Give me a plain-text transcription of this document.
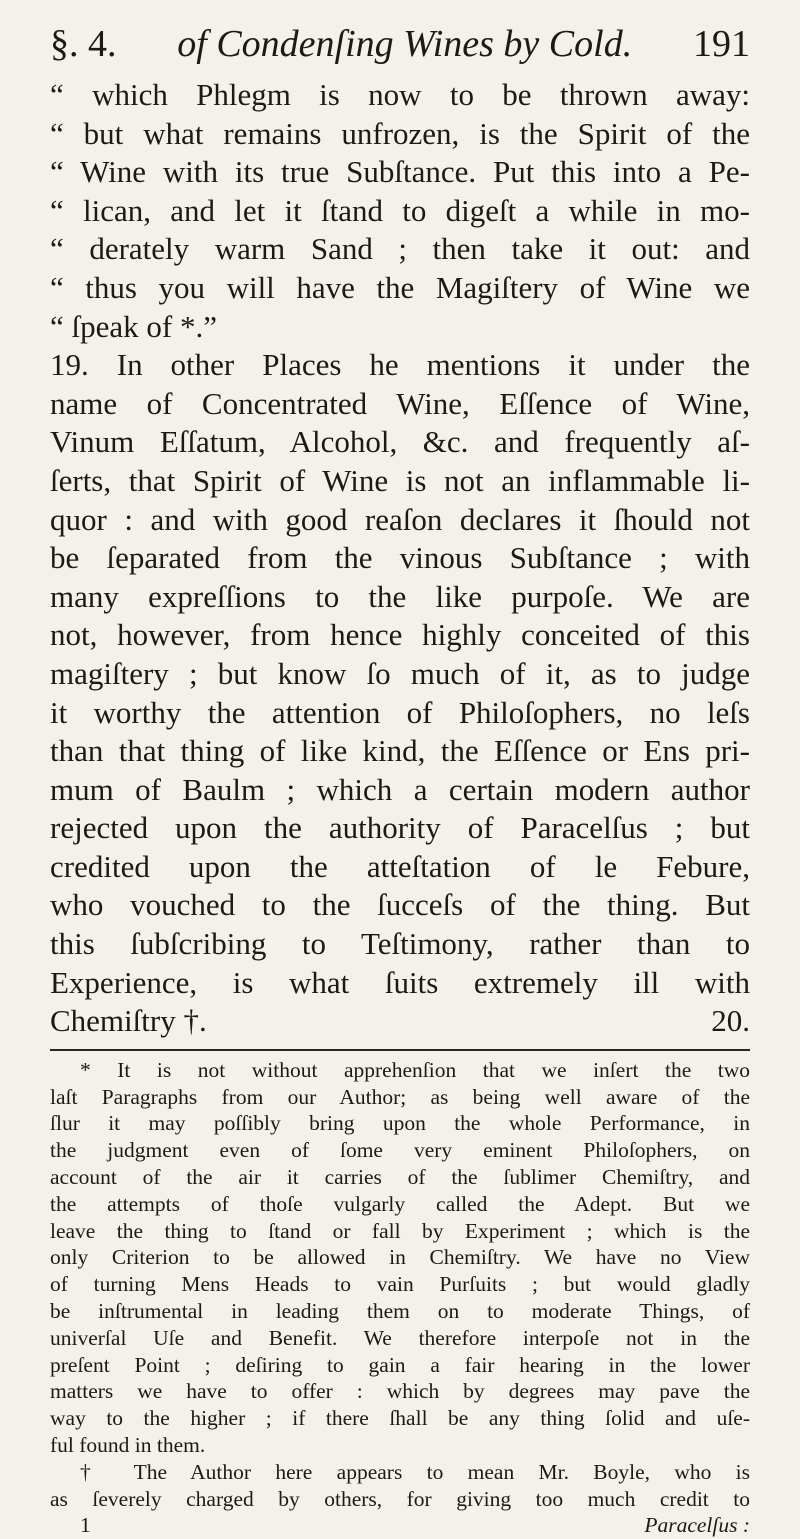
§. 4. of Condenſing Wines by Cold. 191
“ which Phlegm is now to be thrown away:
“ but what remains unfrozen, is the Spirit of the
“ Wine with its true Subſtance. Put this into a Pe-
“ lican, and let it ſtand to digeſt a while in mo-
“ derately warm Sand ; then take it out: and
“ thus you will have the Magiſtery of Wine we
“ ſpeak of *.”
19. In other Places he mentions it under the
name of Concentrated Wine, Eſſence of Wine,
Vinum Eſſatum, Alcohol, &c. and frequently aſ-
ſerts, that Spirit of Wine is not an inflammable li-
quor : and with good reaſon declares it ſhould not
be ſeparated from the vinous Subſtance ; with
many expreſſions to the like purpoſe. We are
not, however, from hence highly conceited of this
magiſtery ; but know ſo much of it, as to judge
it worthy the attention of Philoſophers, no leſs
than that thing of like kind, the Eſſence or Ens pri-
mum of Baulm ; which a certain modern author
rejected upon the authority of Paracelſus ; but
credited upon the atteſtation of le Febure,
who vouched to the ſucceſs of the thing. But
this ſubſcribing to Teſtimony, rather than to
Experience, is what ſuits extremely ill with
Chemiſtry †.	20.
* It is not without apprehenſion that we inſert the two
laſt Paragraphs from our Author; as being well aware of the
ſlur it may poſſibly bring upon the whole Performance, in
the judgment even of ſome very eminent Philoſophers, on
account of the air it carries of the ſublimer Chemiſtry, and
the attempts of thoſe vulgarly called the Adept. But we
leave the thing to ſtand or fall by Experiment ; which is the
only Criterion to be allowed in Chemiſtry. We have no View
of turning Mens Heads to vain Purſuits ; but would gladly
be inſtrumental in leading them on to moderate Things, of
univerſal Uſe and Benefit. We therefore interpoſe not in the
preſent Point ; deſiring to gain a fair hearing in the lower
matters we have to offer : which by degrees may pave the
way to the higher ; if there ſhall be any thing ſolid and uſe-
ful found in them.
† The Author here appears to mean Mr. Boyle, who is
as ſeverely charged by others, for giving too much credit to
1	Paracelſus :
